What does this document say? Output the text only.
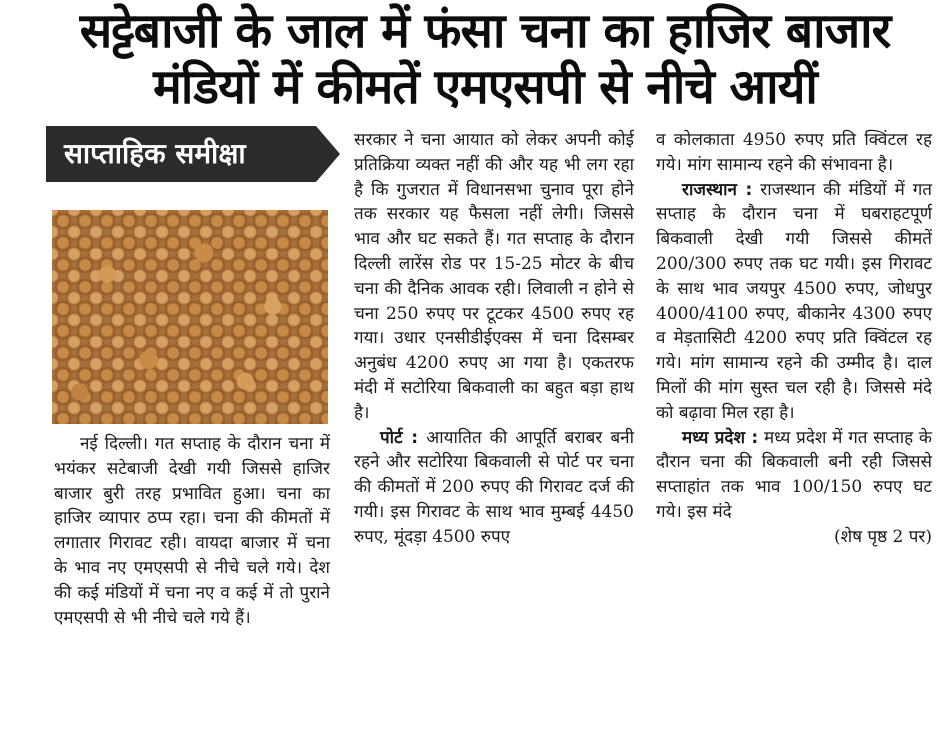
सट्टेबाजी के जाल में फंसा चना का हाजिर बाजार
मंडियों में कीमतें एमएसपी से नीचे आयीं
साप्ताहिक समीक्षा

नई दिल्ली। गत सप्ताह के दौरान चना में भयंकर सटेबाजी देखी गयी जिससे हाजिर बाजार बुरी तरह प्रभावित हुआ। चना का हाजिर व्यापार ठप्प रहा। चना की कीमतों में लगातार गिरावट रही। वायदा बाजार में चना के भाव नए एमएसपी से नीचे चले गये। देश की कई मंडियों में चना नए व कई में तो पुराने एमएसपी से भी नीचे चले गये हैं।

सरकार ने चना आयात को लेकर अपनी कोई प्रतिक्रिया व्यक्त नहीं की और यह भी लग रहा है कि गुजरात में विधानसभा चुनाव पूरा होने तक सरकार यह फैसला नहीं लेगी। जिससे भाव और घट सकते हैं। गत सप्ताह के दौरान दिल्ली लारेंस रोड पर 15-25 मोटर के बीच चना की दैनिक आवक रही। लिवाली न होने से चना 250 रुपए पर टूटकर 4500 रुपए रह गया। उधार एनसीडीईएक्स में चना दिसम्बर अनुबंध 4200 रुपए आ गया है। एकतरफ मंदी में सटोरिया बिकवाली का बहुत बड़ा हाथ है।

पोर्ट : आयातित की आपूर्ति बराबर बनी रहने और सटोरिया बिकवाली से पोर्ट पर चना की कीमतों में 200 रुपए की गिरावट दर्ज की गयी। इस गिरावट के साथ भाव मुम्बई 4450 रुपए, मूंदड़ा 4500 रुपए

व कोलकाता 4950 रुपए प्रति क्विंटल रह गये। मांग सामान्य रहने की संभावना है।

राजस्थान : राजस्थान की मंडियों में गत सप्ताह के दौरान चना में घबराहटपूर्ण बिकवाली देखी गयी जिससे कीमतें 200/300 रुपए तक घट गयी। इस गिरावट के साथ भाव जयपुर 4500 रुपए, जोधपुर 4000/4100 रुपए, बीकानेर 4300 रुपए व मेड़तासिटी 4200 रुपए प्रति क्विंटल रह गये। मांग सामान्य रहने की उम्मीद है। दाल मिलों की मांग सुस्त चल रही है। जिससे मंदे को बढ़ावा मिल रहा है।

मध्य प्रदेश : मध्य प्रदेश में गत सप्ताह के दौरान चना की बिकवाली बनी रही जिससे सप्ताहांत तक भाव 100/150 रुपए घट गये। इस मंदे

(शेष पृष्ठ 2 पर)
